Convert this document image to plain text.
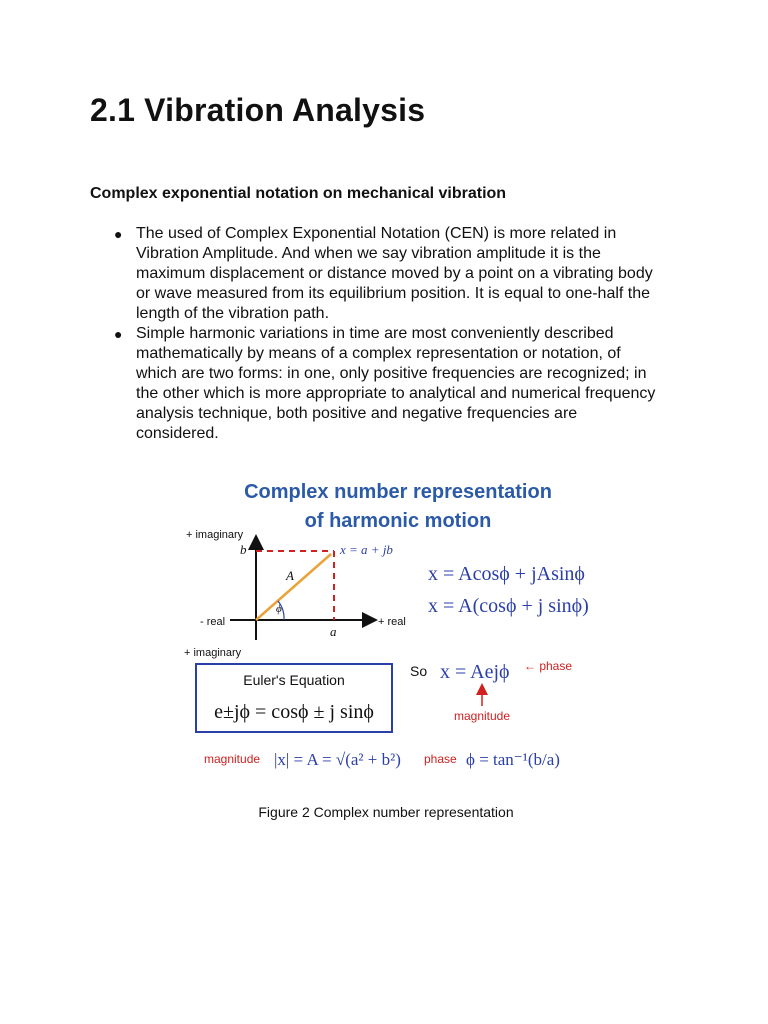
2.1 Vibration Analysis
Complex exponential notation on mechanical vibration
● The used of Complex Exponential Notation (CEN) is more related in Vibration Amplitude. And when we say vibration amplitude it is the maximum displacement or distance moved by a point on a vibrating body or wave measured from its equilibrium position. It is equal to one-half the length of the vibration path.
● Simple harmonic variations in time are most conveniently described mathematically by means of a complex representation or notation, of which are two forms: in one, only positive frequencies are recognized; in the other which is more appropriate to analytical and numerical frequency analysis technique, both positive and negative frequencies are considered.
Complex number representation
of harmonic motion
+ imaginary
- real	+ real
+ imaginary
b
a
A
ϕ
x = a + jb
x = Acosϕ + jAsinϕ
x = A(cosϕ + j sinϕ)
Euler's Equation
e±jϕ = cosϕ ± j sinϕ
So x = Aejϕ ← phase
magnitude
magnitude |x| = A = √(a² + b²) phase ϕ = tan⁻¹(b/a)
Figure 2 Complex number representation
